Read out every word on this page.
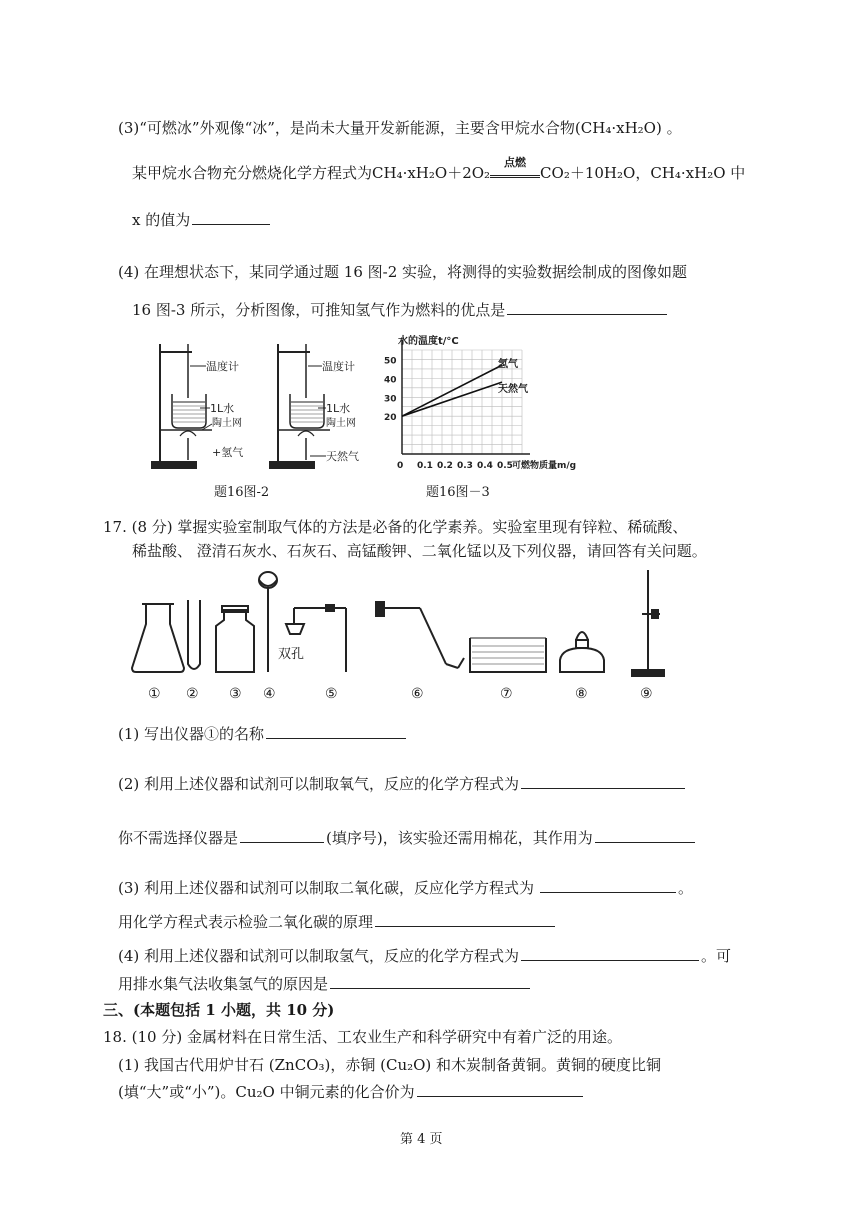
(3)“可燃冰”外观像“冰”，是尚未大量开发新能源，主要含甲烷水合物(CH₄·xH₂O) 。
某甲烷水合物充分燃烧化学方程式为CH₄·xH₂O＋2O₂
点燃
CO₂＋10H₂O，CH₄·xH₂O 中
x 的值为
(4) 在理想状态下，某同学通过题 16 图-2 实验，将测得的实验数据绘制成的图像如题
16 图-3 所示，分析图像，可推知氢气作为燃料的优点是
温度计
1L水
陶土网
+氢气
温度计
1L水
陶土网
天然气
题16图-2
水的温度t/°C
可燃物质量m/g
0 0.1 0.2 0.3 0.4 0.5
20
30
40
50	氢气
天然气
题16图－3
17. (8 分) 掌握实验室制取气体的方法是必备的化学素养。实验室里现有锌粒、稀硫酸、
稀盐酸、 澄清石灰水、石灰石、高锰酸钾、二氧化锰以及下列仪器，请回答有关问题。
双孔
① ② ③ ④	⑤	⑥	⑦	⑧	⑨
(1) 写出仪器①的名称
(2) 利用上述仪器和试剂可以制取氧气，反应的化学方程式为
你不需选择仪器是	(填序号)，该实验还需用棉花，其作用为
(3) 利用上述仪器和试剂可以制取二氧化碳，反应化学方程式为	。
用化学方程式表示检验二氧化碳的原理
(4) 利用上述仪器和试剂可以制取氢气，反应的化学方程式为	。可
用排水集气法收集氢气的原因是
三、(本题包括 1 小题，共 10 分)
18. (10 分) 金属材料在日常生活、工农业生产和科学研究中有着广泛的用途。
(1) 我国古代用炉甘石 (ZnCO₃)，赤铜 (Cu₂O) 和木炭制备黄铜。黄铜的硬度比铜
(填“大”或“小”)。Cu₂O 中铜元素的化合价为
第 4 页
